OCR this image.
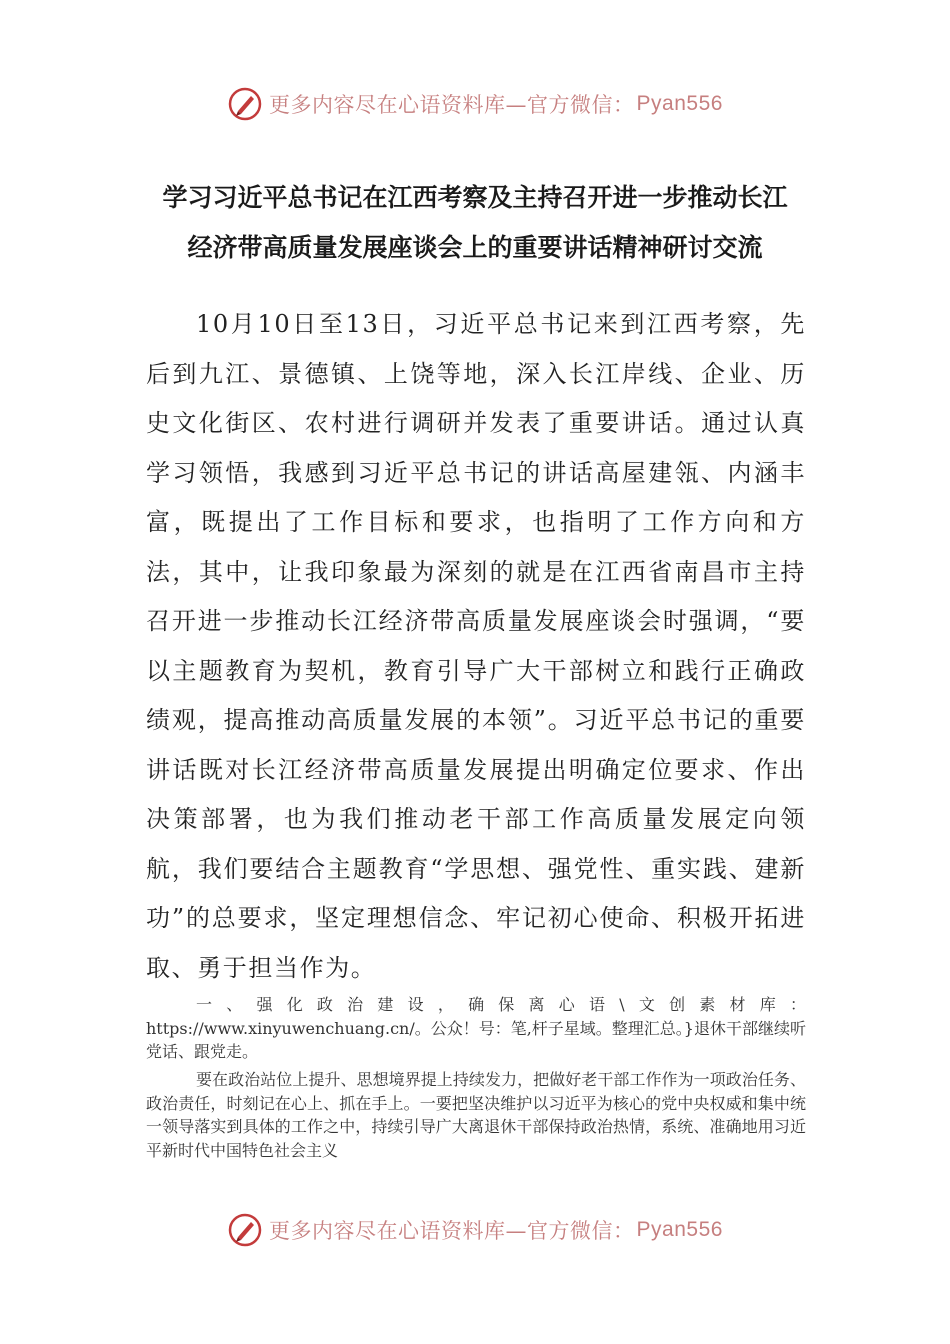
更多内容尽在心语资料库—官方微信： Pyan556
学习习近平总书记在江西考察及主持召开进一步推动长江
经济带高质量发展座谈会上的重要讲话精神研讨交流

10月10日至13日，习近平总书记来到江西考察，先后到九江、景德镇、上饶等地，深入长江岸线、企业、历史文化街区、农村进行调研并发表了重要讲话。通过认真学习领悟，我感到习近平总书记的讲话高屋建瓴、内涵丰富，既提出了工作目标和要求，也指明了工作方向和方法，其中，让我印象最为深刻的就是在江西省南昌市主持召开进一步推动长江经济带高质量发展座谈会时强调，“要以主题教育为契机，教育引导广大干部树立和践行正确政绩观，提高推动高质量发展的本领”。习近平总书记的重要讲话既对长江经济带高质量发展提出明确定位要求、作出决策部署，也为我们推动老干部工作高质量发展定向领航，我们要结合主题教育“学思想、强党性、重实践、建新功”的总要求，坚定理想信念、牢记初心使命、积极开拓进取、勇于担当作为。

一、强化政治建设，确保离心语\文创素材库：https://www.xinyuwenchuang.cn/。公众！号：笔,杆子星域。整理汇总。}退休干部继续听党话、跟党走。

要在政治站位上提升、思想境界提上持续发力，把做好老干部工作作为一项政治任务、政治责任，时刻记在心上、抓在手上。一要把坚决维护以习近平为核心的党中央权威和集中统一领导落实到具体的工作之中，持续引导广大离退休干部保持政治热情，系统、准确地用习近平新时代中国特色社会主义

更多内容尽在心语资料库—官方微信： Pyan556
